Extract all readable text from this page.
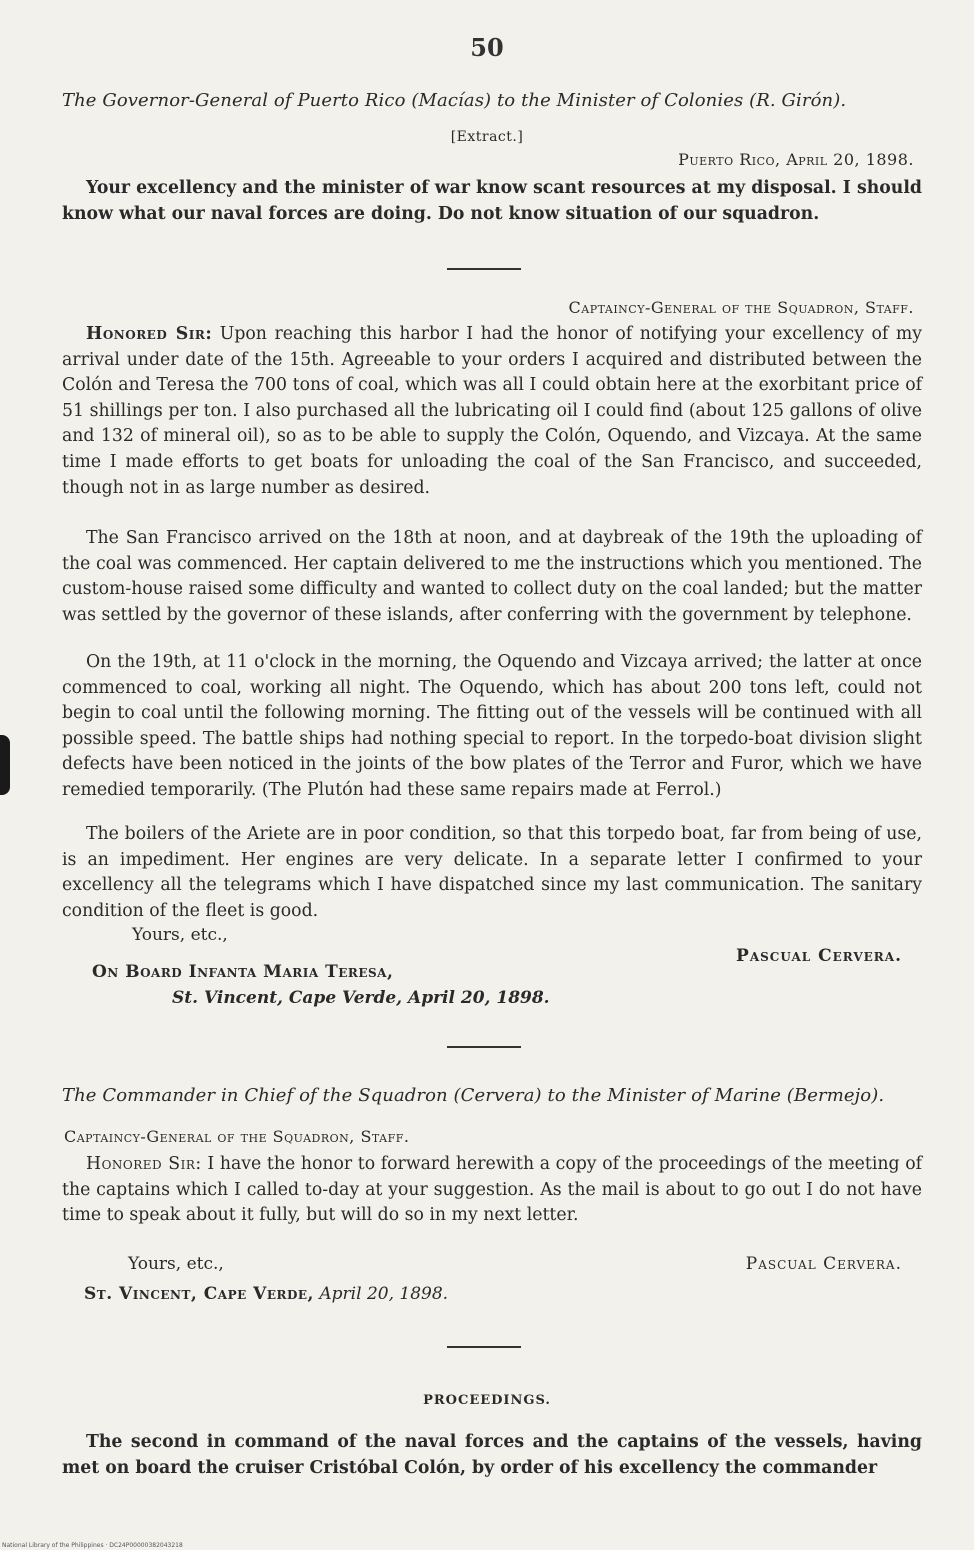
50
The Governor-General of Puerto Rico (Macías) to the Minister of Colonies (R. Girón).
[Extract.]
Puerto Rico, April 20, 1898.
Your excellency and the minister of war know scant resources at my disposal. I should know what our naval forces are doing. Do not know situation of our squadron.
Captaincy-General of the Squadron, Staff.
Honored Sir: Upon reaching this harbor I had the honor of notifying your excellency of my arrival under date of the 15th. Agreeable to your orders I acquired and distributed between the Colón and Teresa the 700 tons of coal, which was all I could obtain here at the exorbitant price of 51 shillings per ton. I also purchased all the lubricating oil I could find (about 125 gallons of olive and 132 of mineral oil), so as to be able to supply the Colón, Oquendo, and Vizcaya. At the same time I made efforts to get boats for unloading the coal of the San Francisco, and succeeded, though not in as large number as desired.
The San Francisco arrived on the 18th at noon, and at daybreak of the 19th the uploading of the coal was commenced. Her captain delivered to me the instructions which you mentioned. The custom-house raised some difficulty and wanted to collect duty on the coal landed; but the matter was settled by the governor of these islands, after conferring with the government by telephone.
On the 19th, at 11 o'clock in the morning, the Oquendo and Vizcaya arrived; the latter at once commenced to coal, working all night. The Oquendo, which has about 200 tons left, could not begin to coal until the following morning. The fitting out of the vessels will be continued with all possible speed. The battle ships had nothing special to report. In the torpedo-boat division slight defects have been noticed in the joints of the bow plates of the Terror and Furor, which we have remedied temporarily. (The Plutón had these same repairs made at Ferrol.)
The boilers of the Ariete are in poor condition, so that this torpedo boat, far from being of use, is an impediment. Her engines are very delicate. In a separate letter I confirmed to your excellency all the telegrams which I have dispatched since my last communication. The sanitary condition of the fleet is good.
Yours, etc.,
Pascual Cervera.
On Board Infanta Maria Teresa,
St. Vincent, Cape Verde, April 20, 1898.
The Commander in Chief of the Squadron (Cervera) to the Minister of Marine (Bermejo).
Captaincy-General of the Squadron, Staff.
Honored Sir: I have the honor to forward herewith a copy of the proceedings of the meeting of the captains which I called to-day at your suggestion. As the mail is about to go out I do not have time to speak about it fully, but will do so in my next letter.
Yours, etc.,	Pascual Cervera.
St. Vincent, Cape Verde, April 20, 1898.
PROCEEDINGS.
The second in command of the naval forces and the captains of the vessels, having met on board the cruiser Cristóbal Colón, by order of his excellency the commander
National Library of the Philippines · DC24P00000382043218
